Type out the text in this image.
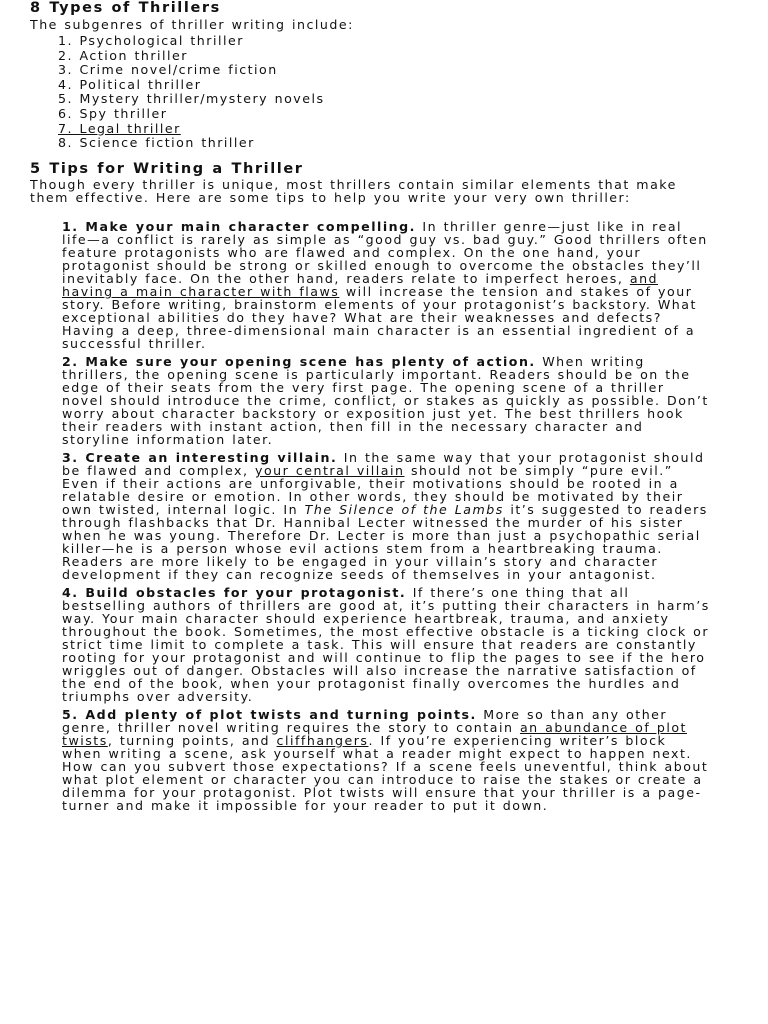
8 Types of Thrillers
The subgenres of thriller writing include:
1. Psychological thriller
2. Action thriller
3. Crime novel/crime fiction
4. Political thriller
5. Mystery thriller/mystery novels
6. Spy thriller
7. Legal thriller
8. Science fiction thriller
5 Tips for Writing a Thriller
Though every thriller is unique, most thrillers contain similar elements that make them effective. Here are some tips to help you write your very own thriller:
1. Make your main character compelling. In thriller genre—just like in real life—a conflict is rarely as simple as “good guy vs. bad guy.” Good thrillers often feature protagonists who are flawed and complex. On the one hand, your protagonist should be strong or skilled enough to overcome the obstacles they’ll inevitably face. On the other hand, readers relate to imperfect heroes, and having a main character with flaws will increase the tension and stakes of your story. Before writing, brainstorm elements of your protagonist’s backstory. What exceptional abilities do they have? What are their weaknesses and defects? Having a deep, three-dimensional main character is an essential ingredient of a successful thriller.
2. Make sure your opening scene has plenty of action. When writing thrillers, the opening scene is particularly important. Readers should be on the edge of their seats from the very first page. The opening scene of a thriller novel should introduce the crime, conflict, or stakes as quickly as possible. Don’t worry about character backstory or exposition just yet. The best thrillers hook their readers with instant action, then fill in the necessary character and storyline information later.
3. Create an interesting villain. In the same way that your protagonist should be flawed and complex, your central villain should not be simply “pure evil.” Even if their actions are unforgivable, their motivations should be rooted in a relatable desire or emotion. In other words, they should be motivated by their own twisted, internal logic. In The Silence of the Lambs it’s suggested to readers through flashbacks that Dr. Hannibal Lecter witnessed the murder of his sister when he was young. Therefore Dr. Lecter is more than just a psychopathic serial killer—he is a person whose evil actions stem from a heartbreaking trauma. Readers are more likely to be engaged in your villain’s story and character development if they can recognize seeds of themselves in your antagonist.
4. Build obstacles for your protagonist. If there’s one thing that all bestselling authors of thrillers are good at, it’s putting their characters in harm’s way. Your main character should experience heartbreak, trauma, and anxiety throughout the book. Sometimes, the most effective obstacle is a ticking clock or strict time limit to complete a task. This will ensure that readers are constantly rooting for your protagonist and will continue to flip the pages to see if the hero wriggles out of danger. Obstacles will also increase the narrative satisfaction of the end of the book, when your protagonist finally overcomes the hurdles and triumphs over adversity.
5. Add plenty of plot twists and turning points. More so than any other genre, thriller novel writing requires the story to contain an abundance of plot twists, turning points, and cliffhangers. If you’re experiencing writer’s block when writing a scene, ask yourself what a reader might expect to happen next. How can you subvert those expectations? If a scene feels uneventful, think about what plot element or character you can introduce to raise the stakes or create a dilemma for your protagonist. Plot twists will ensure that your thriller is a page-turner and make it impossible for your reader to put it down.
